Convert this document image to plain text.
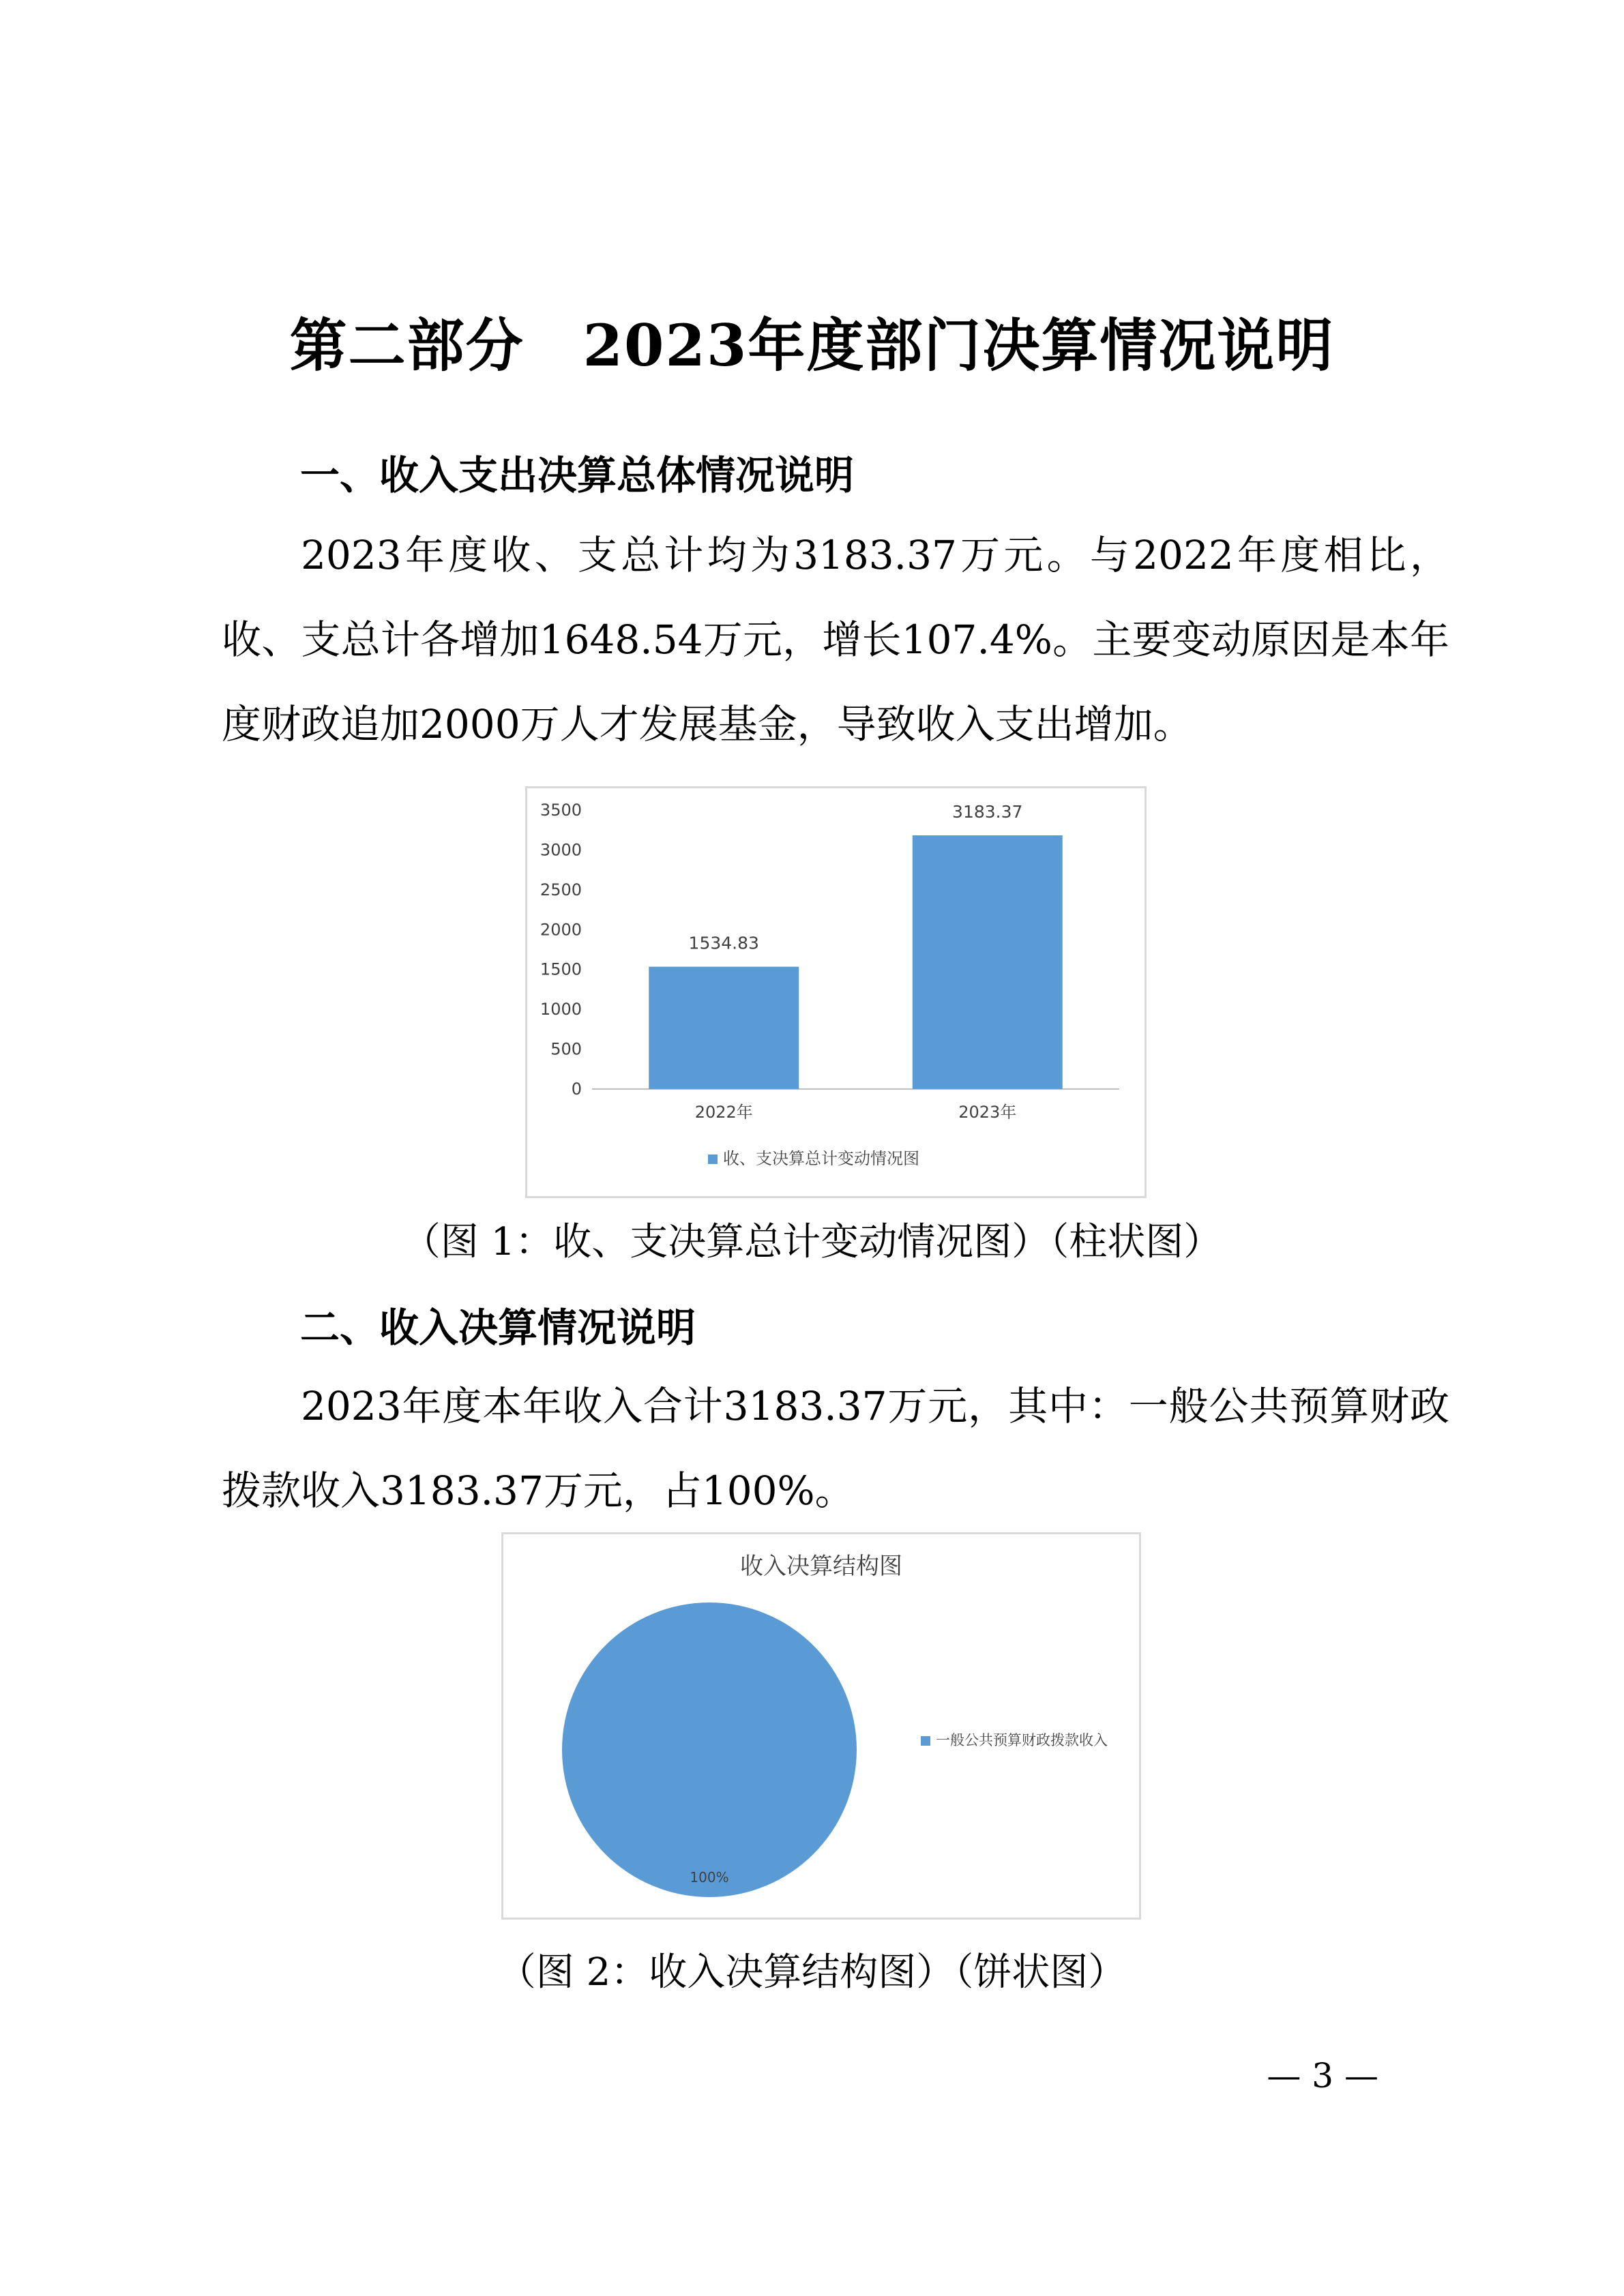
第二部分　2023年度部门决算情况说明
一、收入支出决算总体情况说明
2023年度收、支总计均为3183.37万元。与2022年度相比，收、支总计各增加1648.54万元，增长107.4%。主要变动原因是本年度财政追加2000万人才发展基金，导致收入支出增加。
0
500
1000
1500
2000
2500
3000
3500
1534.83
3183.37
2022年	2023年
收、支决算总计变动情况图
（图 1：收、支决算总计变动情况图）（柱状图）
二、收入决算情况说明
2023年度本年收入合计3183.37万元，其中：一般公共预算财政拨款收入3183.37万元，占100%。
收入决算结构图
100%
一般公共预算财政拨款收入
（图 2：收入决算结构图）（饼状图）
— 3 —
